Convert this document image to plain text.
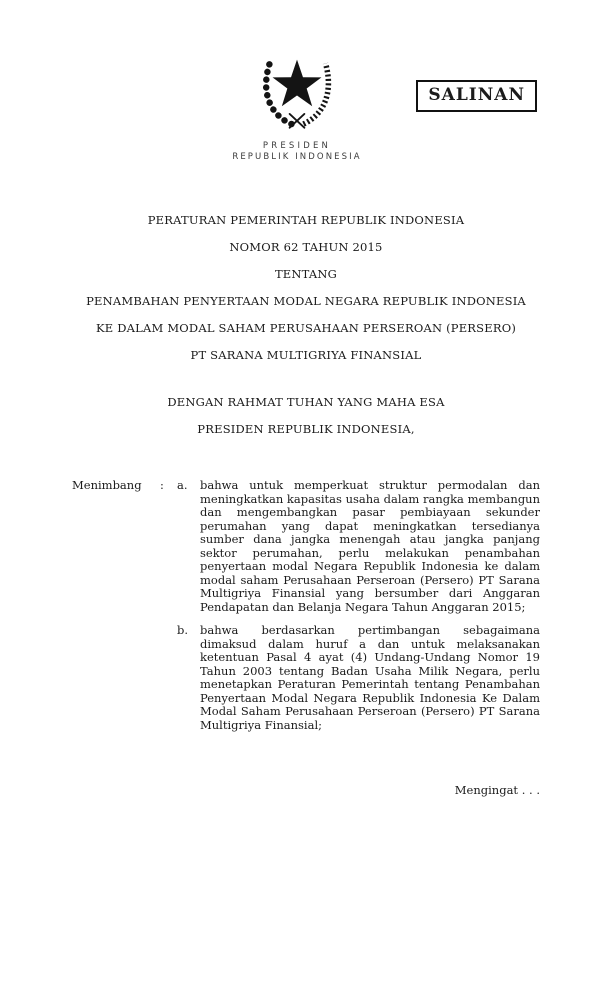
PRESIDEN
REPUBLIK INDONESIA
SALINAN
PERATURAN PEMERINTAH REPUBLIK INDONESIA
NOMOR 62 TAHUN 2015
TENTANG
PENAMBAHAN PENYERTAAN MODAL NEGARA REPUBLIK INDONESIA
KE DALAM MODAL SAHAM PERUSAHAAN PERSEROAN (PERSERO)
PT SARANA MULTIGRIYA FINANSIAL
DENGAN RAHMAT TUHAN YANG MAHA ESA
PRESIDEN REPUBLIK INDONESIA,
Menimbang	:	a.	bahwa untuk memperkuat struktur permodalan dan meningkatkan kapasitas usaha dalam rangka membangun dan mengembangkan pasar pembiayaan sekunder perumahan yang dapat meningkatkan tersedianya sumber dana jangka menengah atau jangka panjang sektor perumahan, perlu melakukan penambahan penyertaan modal Negara Republik Indonesia ke dalam modal saham Perusahaan Perseroan (Persero) PT Sarana Multigriya Finansial yang bersumber dari Anggaran Pendapatan dan Belanja Negara Tahun Anggaran 2015;

b.	bahwa berdasarkan pertimbangan sebagaimana dimaksud dalam huruf a dan untuk melaksanakan ketentuan Pasal 4 ayat (4) Undang-Undang Nomor 19 Tahun 2003 tentang Badan Usaha Milik Negara, perlu menetapkan Peraturan Pemerintah tentang Penambahan Penyertaan Modal Negara Republik Indonesia Ke Dalam Modal Saham Perusahaan Perseroan (Persero) PT Sarana Multigriya Finansial;

Mengingat . . .
